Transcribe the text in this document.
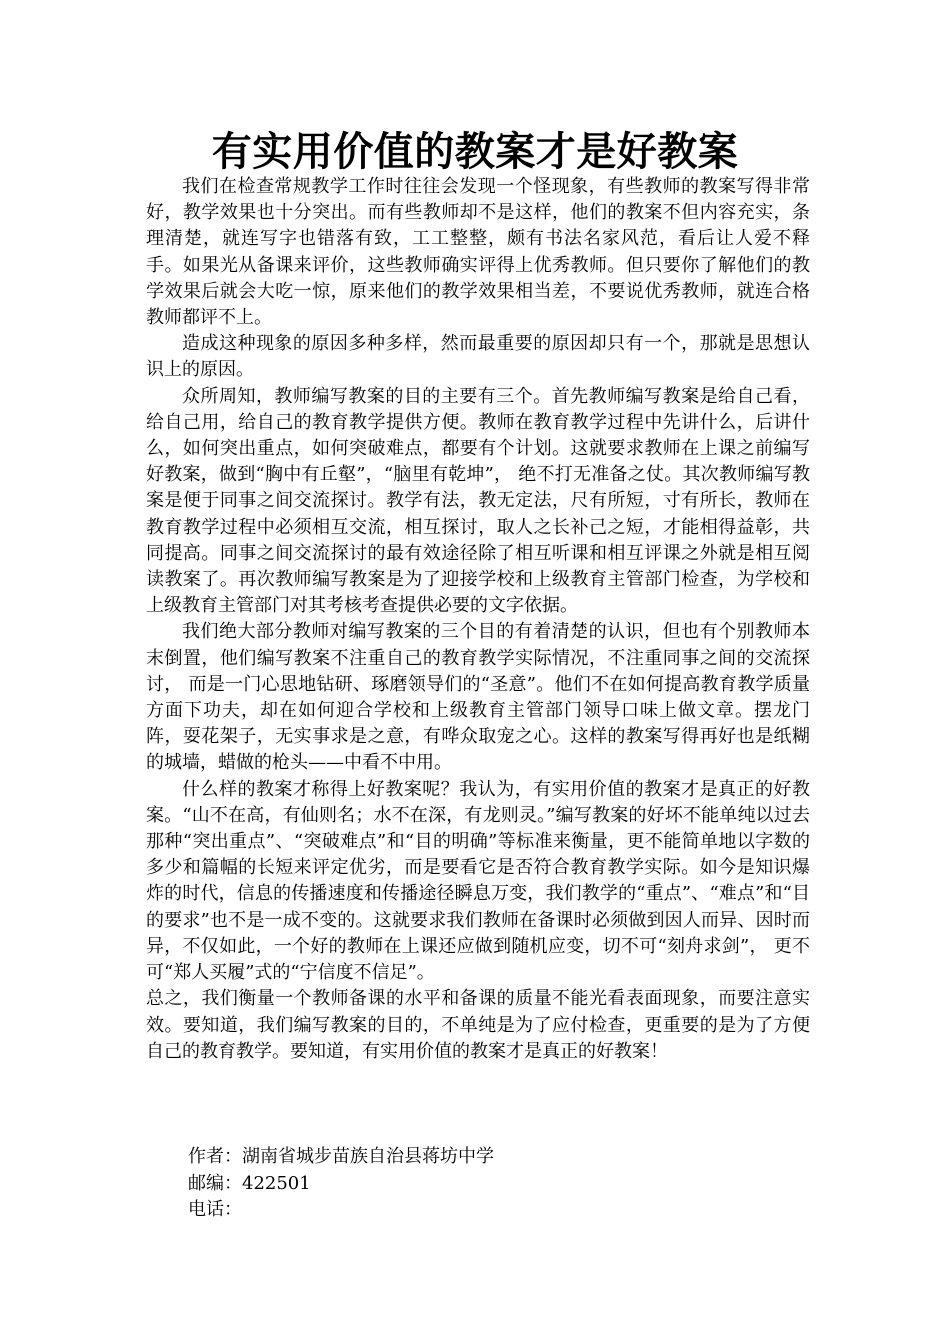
有实用价值的教案才是好教案

我们在检查常规教学工作时往往会发现一个怪现象，有些教师的教案写得非常好，教学效果也十分突出。而有些教师却不是这样，他们的教案不但内容充实，条理清楚，就连写字也错落有致，工工整整，颇有书法名家风范，看后让人爱不释手。如果光从备课来评价，这些教师确实评得上优秀教师。但只要你了解他们的教学效果后就会大吃一惊，原来他们的教学效果相当差，不要说优秀教师，就连合格教师都评不上。

造成这种现象的原因多种多样，然而最重要的原因却只有一个，那就是思想认识上的原因。

众所周知，教师编写教案的目的主要有三个。首先教师编写教案是给自己看，给自己用，给自己的教育教学提供方便。教师在教育教学过程中先讲什么，后讲什么，如何突出重点，如何突破难点，都要有个计划。这就要求教师在上课之前编写好教案，做到“胸中有丘壑”，“脑里有乾坤”， 绝不打无准备之仗。其次教师编写教案是便于同事之间交流探讨。教学有法，教无定法，尺有所短，寸有所长，教师在教育教学过程中必须相互交流，相互探讨，取人之长补己之短，才能相得益彰，共同提高。同事之间交流探讨的最有效途径除了相互听课和相互评课之外就是相互阅读教案了。再次教师编写教案是为了迎接学校和上级教育主管部门检查，为学校和上级教育主管部门对其考核考查提供必要的文字依据。

我们绝大部分教师对编写教案的三个目的有着清楚的认识，但也有个别教师本末倒置，他们编写教案不注重自己的教育教学实际情况，不注重同事之间的交流探讨， 而是一门心思地钻研、琢磨领导们的“圣意”。他们不在如何提高教育教学质量方面下功夫，却在如何迎合学校和上级教育主管部门领导口味上做文章。摆龙门阵，耍花架子，无实事求是之意，有哗众取宠之心。这样的教案写得再好也是纸糊的城墙，蜡做的枪头——中看不中用。

什么样的教案才称得上好教案呢？我认为，有实用价值的教案才是真正的好教案。“山不在高，有仙则名；水不在深，有龙则灵。”编写教案的好坏不能单纯以过去那种“突出重点”、“突破难点”和“目的明确”等标准来衡量，更不能简单地以字数的多少和篇幅的长短来评定优劣，而是要看它是否符合教育教学实际。如今是知识爆炸的时代，信息的传播速度和传播途径瞬息万变，我们教学的“重点”、“难点”和“目的要求”也不是一成不变的。这就要求我们教师在备课时必须做到因人而异、因时而异，不仅如此，一个好的教师在上课还应做到随机应变，切不可“刻舟求剑”， 更不可“郑人买履”式的“宁信度不信足”。

总之，我们衡量一个教师备课的水平和备课的质量不能光看表面现象，而要注意实效。要知道，我们编写教案的目的，不单纯是为了应付检查，更重要的是为了方便自己的教育教学。要知道，有实用价值的教案才是真正的好教案！

作者：湖南省城步苗族自治县蒋坊中学
邮编：422501
电话：
